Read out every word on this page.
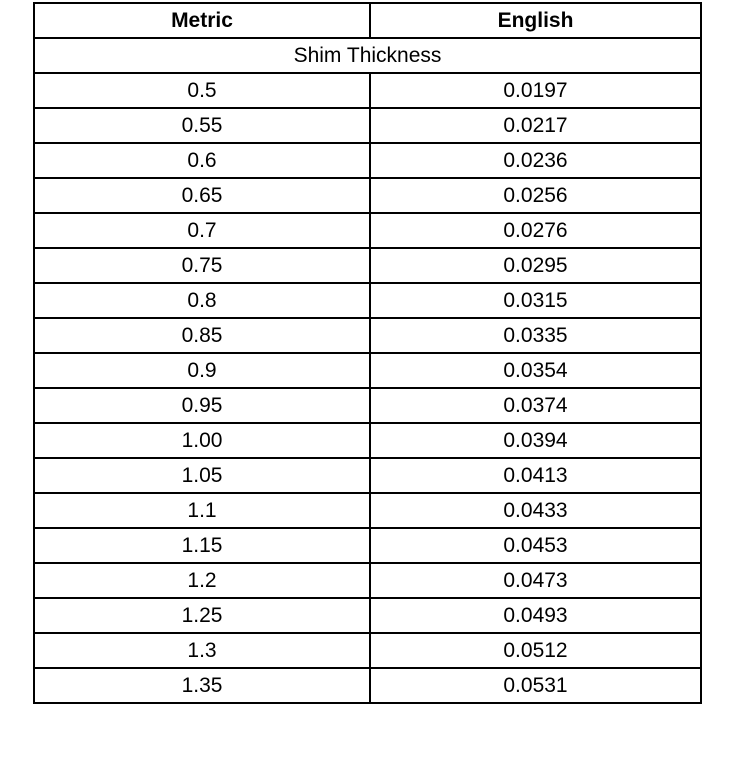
Metric	English
Shim Thickness	
0.5	0.0197
0.55	0.0217
0.6	0.0236
0.65	0.0256
0.7	0.0276
0.75	0.0295
0.8	0.0315
0.85	0.0335
0.9	0.0354
0.95	0.0374
1.00	0.0394
1.05	0.0413
1.1	0.0433
1.15	0.0453
1.2	0.0473
1.25	0.0493
1.3	0.0512
1.35	0.0531
